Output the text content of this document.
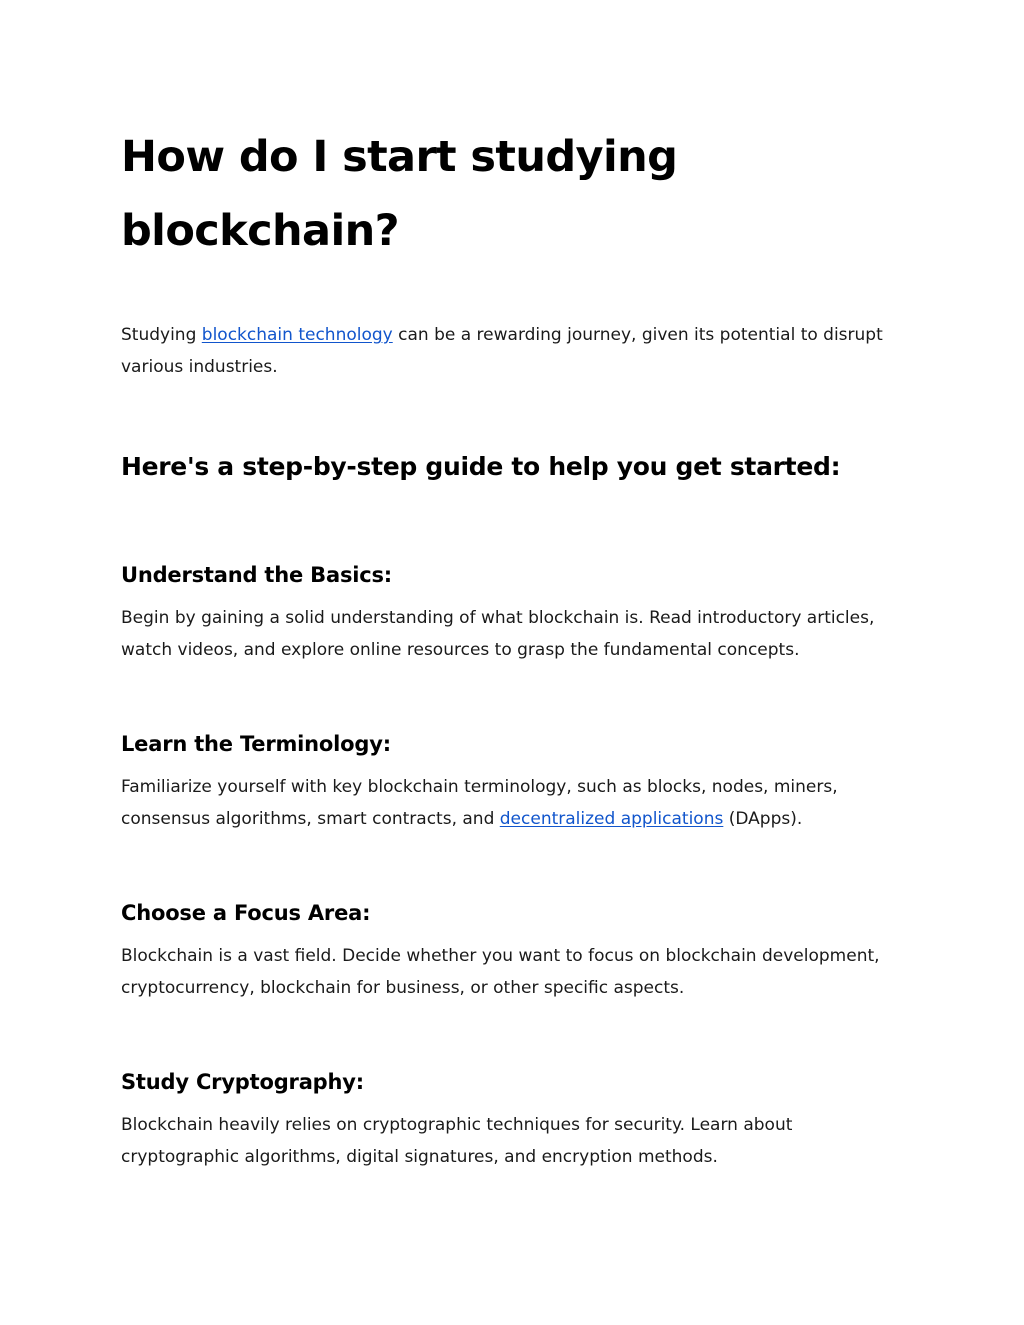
How do I start studying blockchain?

Studying blockchain technology can be a rewarding journey, given its potential to disrupt various industries.

Here's a step-by-step guide to help you get started:
Understand the Basics:

Begin by gaining a solid understanding of what blockchain is. Read introductory articles, watch videos, and explore online resources to grasp the fundamental concepts.

Learn the Terminology:

Familiarize yourself with key blockchain terminology, such as blocks, nodes, miners, consensus algorithms, smart contracts, and decentralized applications (DApps).

Choose a Focus Area:

Blockchain is a vast field. Decide whether you want to focus on blockchain development, cryptocurrency, blockchain for business, or other specific aspects.

Study Cryptography:

Blockchain heavily relies on cryptographic techniques for security. Learn about cryptographic algorithms, digital signatures, and encryption methods.
